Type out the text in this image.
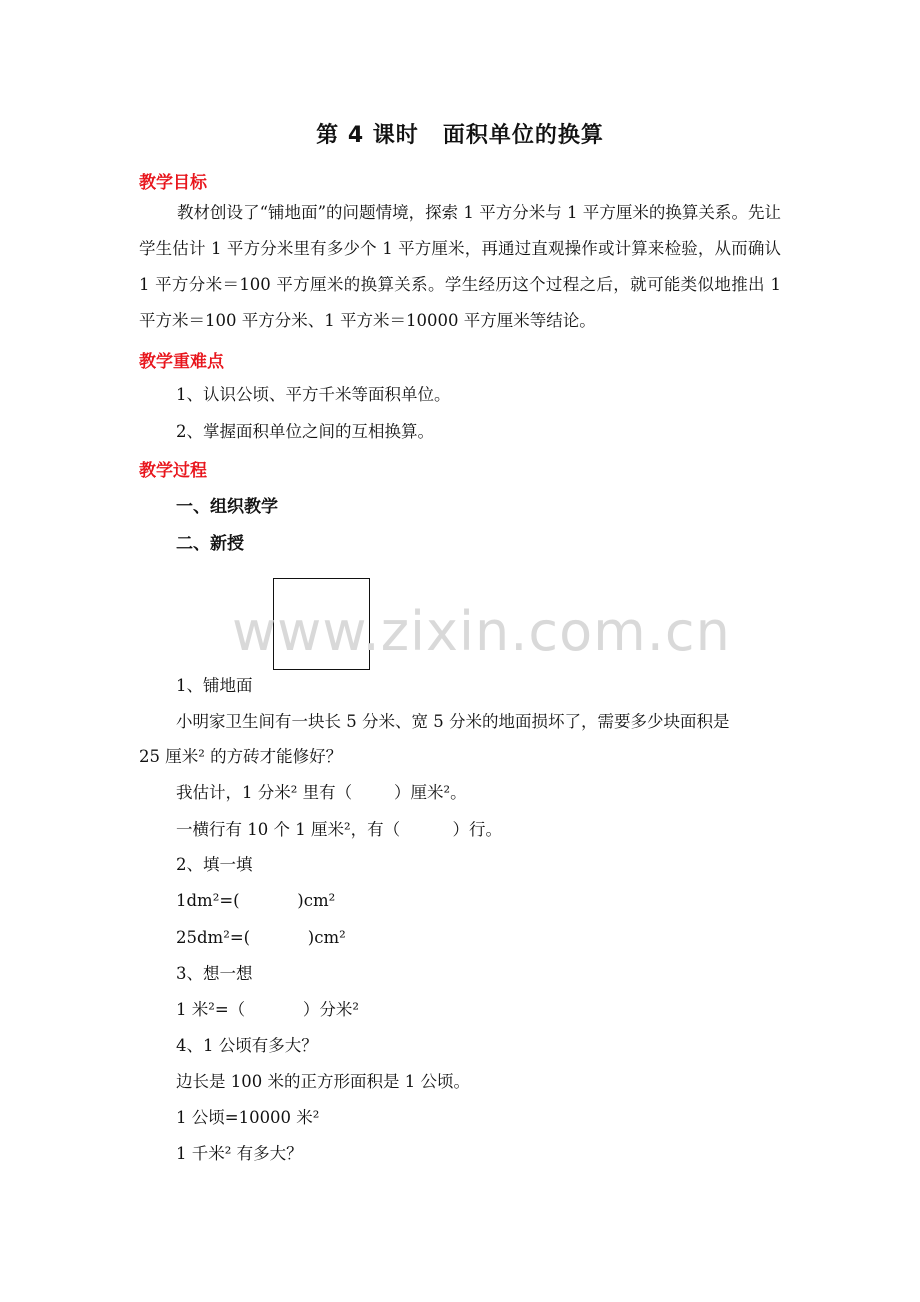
第 4 课时 面积单位的换算
教学目标
教材创设了“铺地面”的问题情境，探索 1 平方分米与 1 平方厘米的换算关系。先让学生估计 1 平方分米里有多少个 1 平方厘米，再通过直观操作或计算来检验，从而确认 1 平方分米＝100 平方厘米的换算关系。学生经历这个过程之后，就可能类似地推出 1 平方米＝100 平方分米、1 平方米＝10000 平方厘米等结论。
教学重难点
1、认识公顷、平方千米等面积单位。
2、掌握面积单位之间的互相换算。
教学过程
一、组织教学
二、新授
www.zixin.com.cn
1、铺地面
小明家卫生间有一块长 5 分米、宽 5 分米的地面损坏了，需要多少块面积是
25 厘米² 的方砖才能修好？
我估计，1 分米² 里有（        ）厘米²。
一横行有 10 个 1 厘米²，有（          ）行。
2、填一填
1dm²=(           )cm²
25dm²=(           )cm²
3、想一想
1 米²=（           ）分米²
4、1 公顷有多大？
边长是 100 米的正方形面积是 1 公顷。
1 公顷=10000 米²
1 千米² 有多大？
